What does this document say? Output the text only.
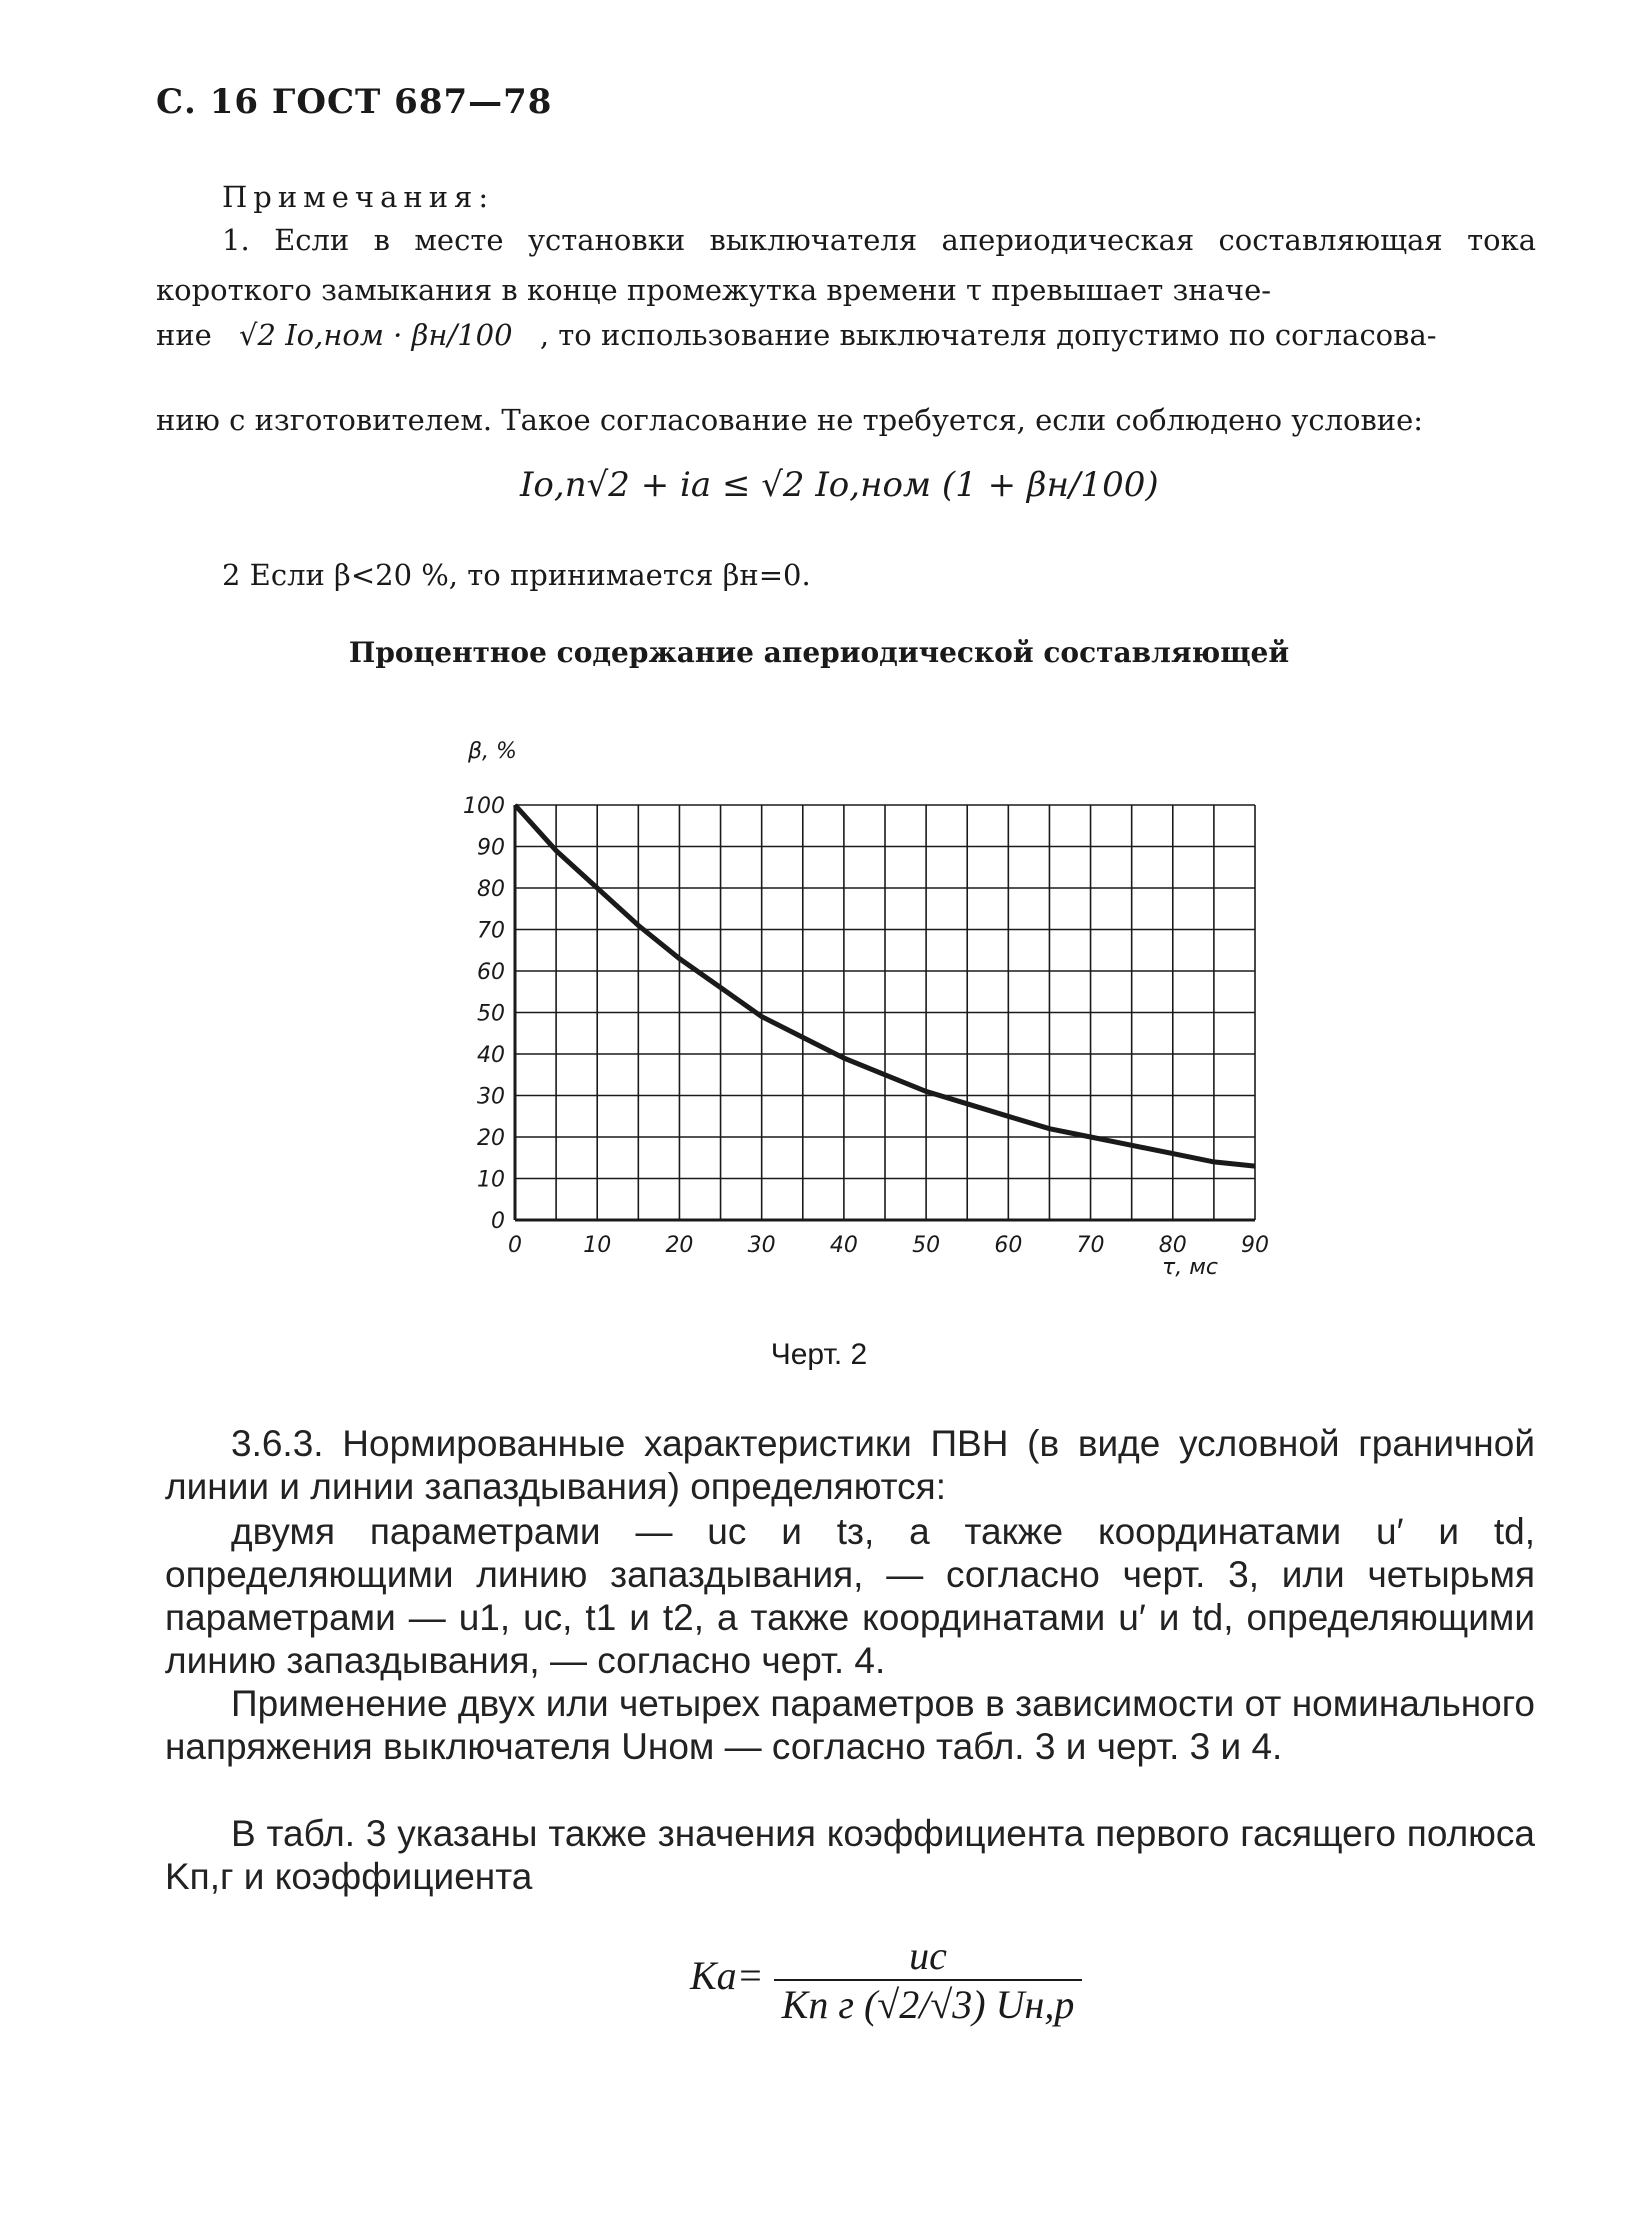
С. 16 ГОСТ 687—78
Примечания:
1. Если в месте установки выключателя апериодическая составляющая тока короткого замыкания в конце промежутка времени τ превышает значе-
ние √2 Iо,ном · βн/100 , то использование выключателя допустимо по согласова-
нию с изготовителем. Такое согласование не требуется, если соблюдено условие:
Iо,п√2 + ia ≤ √2 Iо,ном (1 + βн/100)
2 Если β<20 %, то принимается βн=0.
Процентное содержание апериодической составляющей
0
10
20
30
40
50
60
70
80
90
100
0	10 20 30 40 50 60 70 80 90
β, %
τ, мс
Черт. 2
3.6.3. Нормированные характеристики ПВН (в виде условной граничной линии и линии запаздывания) определяются:
двумя параметрами — uс и tз, а также координатами u′ и td, определяющими линию запаздывания, — согласно черт. 3, или четырьмя параметрами — u1, uс, t1 и t2, а также координатами u′ и td, определяющими линию запаздывания, — согласно черт. 4.
Применение двух или четырех параметров в зависимости от номинального напряжения выключателя Uном — согласно табл. 3 и черт. 3 и 4.
В табл. 3 указаны также значения коэффициента первого гасящего полюса Kп,г и коэффициента
$Ka= \frac{uс}{\text{Kп г (√2/√3) Uн,р}}$
